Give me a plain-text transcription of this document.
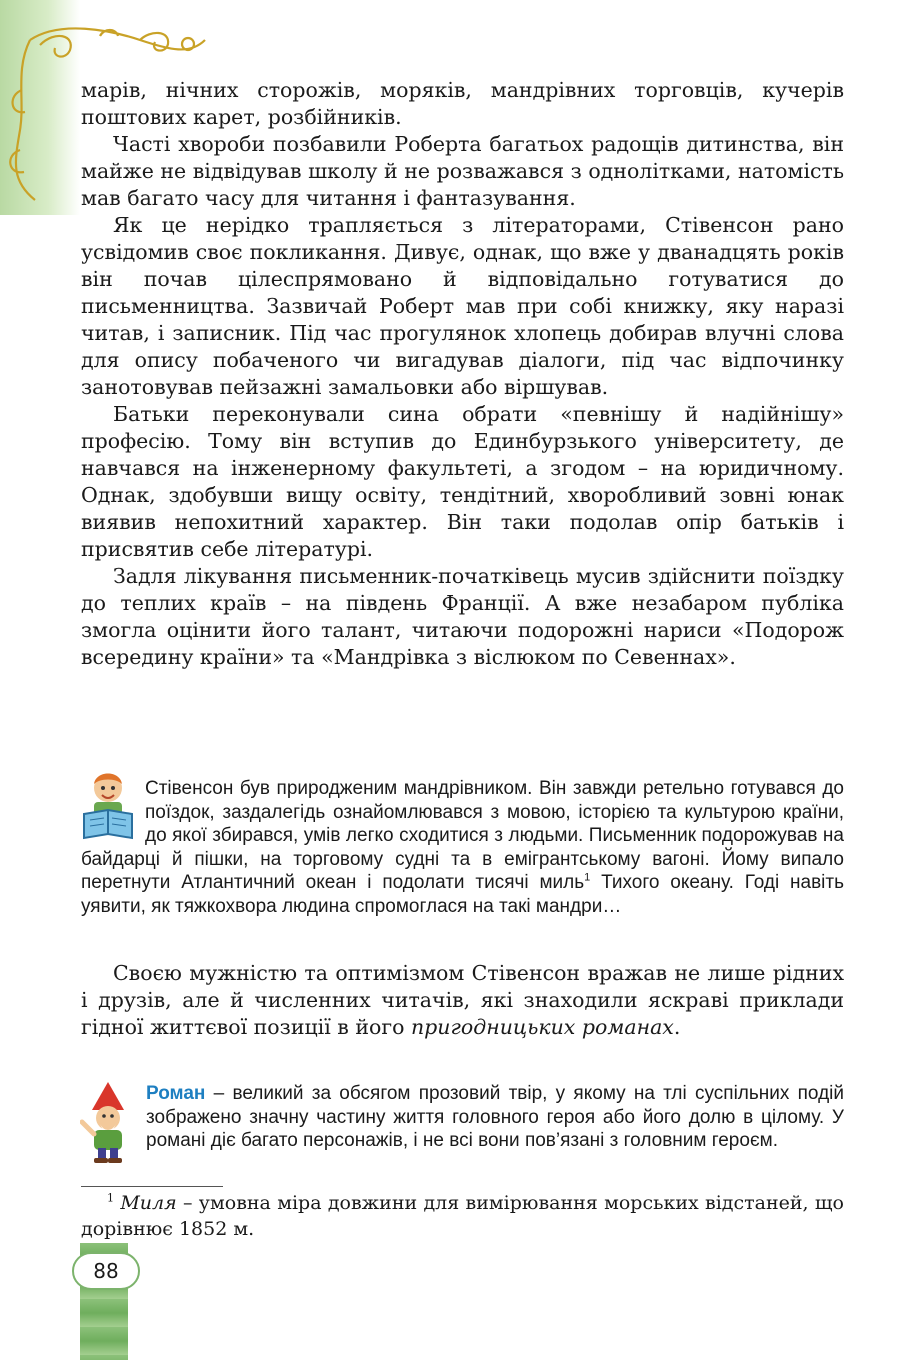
марів, нічних сторожів, моряків, мандрівних торговців, кучерів поштових карет, розбійників.

Часті хвороби позбавили Роберта багатьох радощів дитинства, він майже не відвідував школу й не розважався з однолітками, натомість мав багато часу для читання і фантазування.

Як це нерідко трапляється з літераторами, Стівенсон рано усвідомив своє покликання. Дивує, однак, що вже у дванадцять років він почав цілеспрямовано й відповідально готуватися до письменництва. Зазвичай Роберт мав при собі книжку, яку наразі читав, і записник. Під час прогулянок хлопець добирав влучні слова для опису побаченого чи вигадував діалоги, під час відпочинку занотовував пейзажні замальовки або віршував.

Батьки переконували сина обрати «певнішу й надійнішу» професію. Тому він вступив до Единбурзького університету, де навчався на інженерному факультеті, а згодом – на юридичному. Однак, здобувши вищу освіту, тендітний, хворобливий зовні юнак виявив непохитний характер. Він таки подолав опір батьків і присвятив себе літературі.

Задля лікування письменник-початківець мусив здійснити поїздку до теплих країв – на південь Франції. А вже незабаром публіка змогла оцінити його талант, читаючи подорожні нариси «Подорож всередину країни» та «Мандрівка з віслюком по Севеннах».

Стівенсон був природженим мандрівником. Він завжди ретельно готувався до поїздок, заздалегідь ознайомлювався з мовою, історією та культурою країни, до якої збирався, умів легко сходитися з людьми. Письменник подорожував на байдарці й пішки, на торговому судні та в емігрантському вагоні. Йому випало перетнути Атлантичний океан і подолати тисячі миль$^1$ Тихого океану. Годі навіть уявити, як тяжкохвора людина спромоглася на такі мандри…

Своєю мужністю та оптимізмом Стівенсон вражав не лише рідних і друзів, але й численних читачів, які знаходили яскраві приклади гідної життєвої позиції в його пригодницьких романах.

Роман – великий за обсягом прозовий твір, у якому на тлі суспільних подій зображено значну частину життя головного героя або його долю в цілому. У романі діє багато персонажів, і не всі вони пов’язані з головним героєм.

$^1$ Миля – умовна міра довжини для вимірювання морських відстаней, що дорівнює 1852 м.

88
